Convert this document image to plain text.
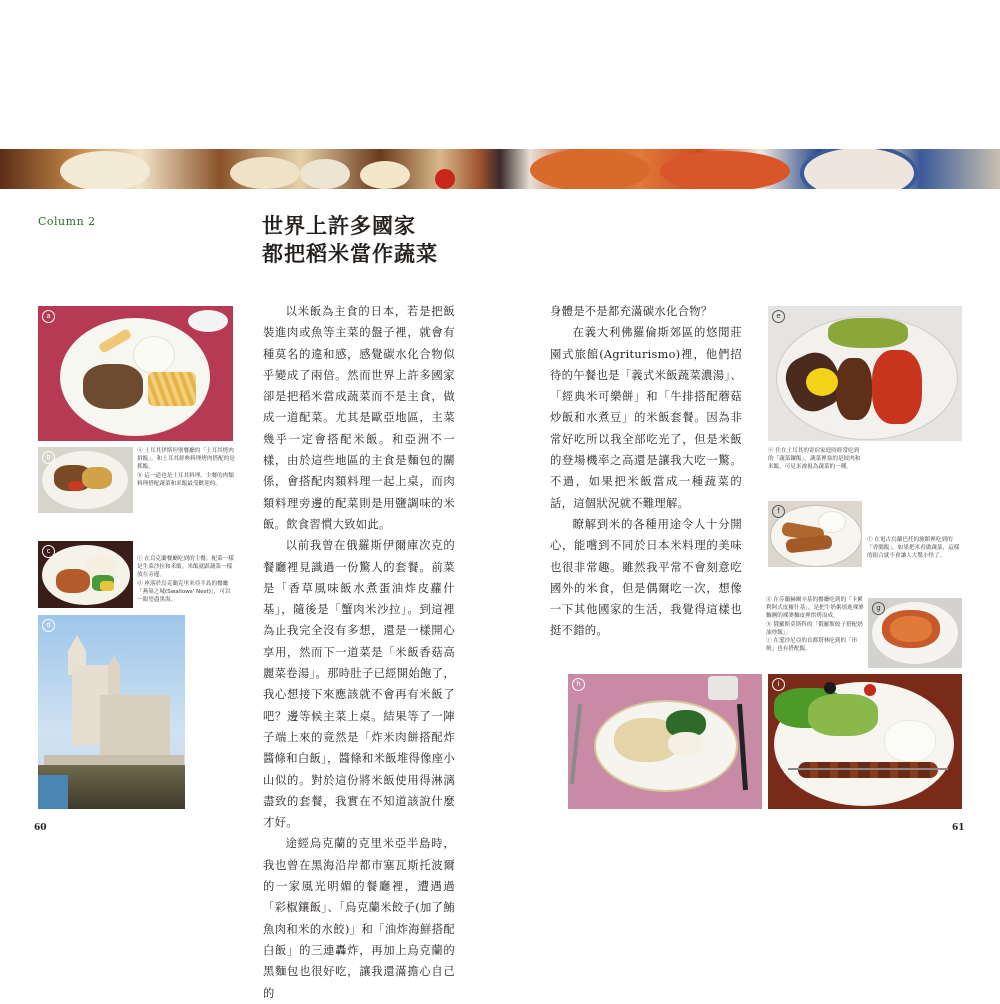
Column 2	世界上許多國家
都把稻米當作蔬菜
a
b
ⓐ 土耳其伊斯坦堡餐廳的「土耳其烤肉拼飯」。和土耳其經典料理烤肉搭配的是抓飯。
ⓑ 這一道也是土耳其料理。主餐的肉類料理搭配蔬菜和米飯最受歡迎的。
c
ⓒ 在烏克蘭餐廳吃到的主餐。配菜一樣是生菜沙拉和米飯。米飯就跟蔬菜一樣放在旁邊。
ⓓ 座落於烏克蘭克里米亞半島的餐廳「燕巢之城(Swallows' Nest)」，可以一眼望盡黑海。
d

以米飯為主食的日本，若是把飯裝進肉或魚等主菜的盤子裡，就會有種莫名的違和感，感覺碳水化合物似乎變成了兩倍。然而世界上許多國家卻是把稻米當成蔬菜而不是主食，做成一道配菜。尤其是歐亞地區，主菜幾乎一定會搭配米飯。和亞洲不一樣，由於這些地區的主食是麵包的關係，會搭配肉類料理一起上桌，而肉類料理旁邊的配菜則是用鹽調味的米飯。飲食習慣大致如此。

以前我曾在俄羅斯伊爾庫次克的餐廳裡見識過一份驚人的套餐。前菜是「香草風味飯水煮蛋油炸皮蘿什基」，隨後是「蟹肉米沙拉」。到這裡為止我完全沒有多想，還是一樣開心享用，然而下一道菜是「米飯香菇高麗菜卷湯」。那時肚子已經開始飽了，我心想接下來應該就不會再有米飯了吧？邊等候主菜上桌。結果等了一陣子端上來的竟然是「炸米肉餅搭配炸醬條和白飯」，醬條和米飯堆得像座小山似的。對於這份將米飯使用得淋漓盡致的套餐，我實在不知道該說什麼才好。

途經烏克蘭的克里米亞半島時，我也曾在黑海沿岸都市塞瓦斯托波爾的一家風光明媚的餐廳裡，遭遇過「彩椒鑲飯」、「烏克蘭米餃子(加了鮪魚肉和米的水餃)」和「油炸海鮮搭配白飯」的三連轟炸，再加上烏克蘭的黑麵包也很好吃，讓我還滿擔心自己的

身體是不是都充滿碳水化合物？

在義大利佛羅倫斯郊區的悠閒莊園式旅館(Agriturismo)裡，他們招待的午餐也是「義式米飯蔬菜濃湯」、「經典米可樂餅」和「牛排搭配蘑菇炒飯和水煮豆」的米飯套餐。因為非常好吃所以我全部吃光了，但是米飯的登場機率之高還是讓我大吃一驚。不過，如果把米飯當成一種蔬菜的話，這個狀況就不難理解。

瞭解到米的各種用途令人十分開心，能嚐到不同於日本米料理的美味也很非常趣。雖然我平常不會刻意吃國外的米食，但是偶爾吃一次，想像一下其他國家的生活，我覺得這樣也挺不錯的。

e
ⓔ 住在土耳其的寄宿家庭時經常吃到的「蔬菜鑲飯」。蔬菜裡塞的是絞肉和米飯，可見米被視為蔬菜的一種。
f
ⓕ 在電古烏蘭巴托的旅館裡吃到的「香腸飯」。如果把米看做蔬菜，這樣的組合就不會讓人大驚小怪了。
ⓖ 在芬蘭赫爾辛基的餐廳吃到的「卡累利阿式皮羅什基」，是把牛奶粥填進裸麥麵團的裸麥麵皮裡烘烤而成。
ⓗ 俄羅斯莫斯科的「俄羅斯餃子搭配奶油炒飯」。
ⓘ 在愛沙尼亞的首都塔林吃到的「串燒」也有搭配飯。
g
h	i
60	61
